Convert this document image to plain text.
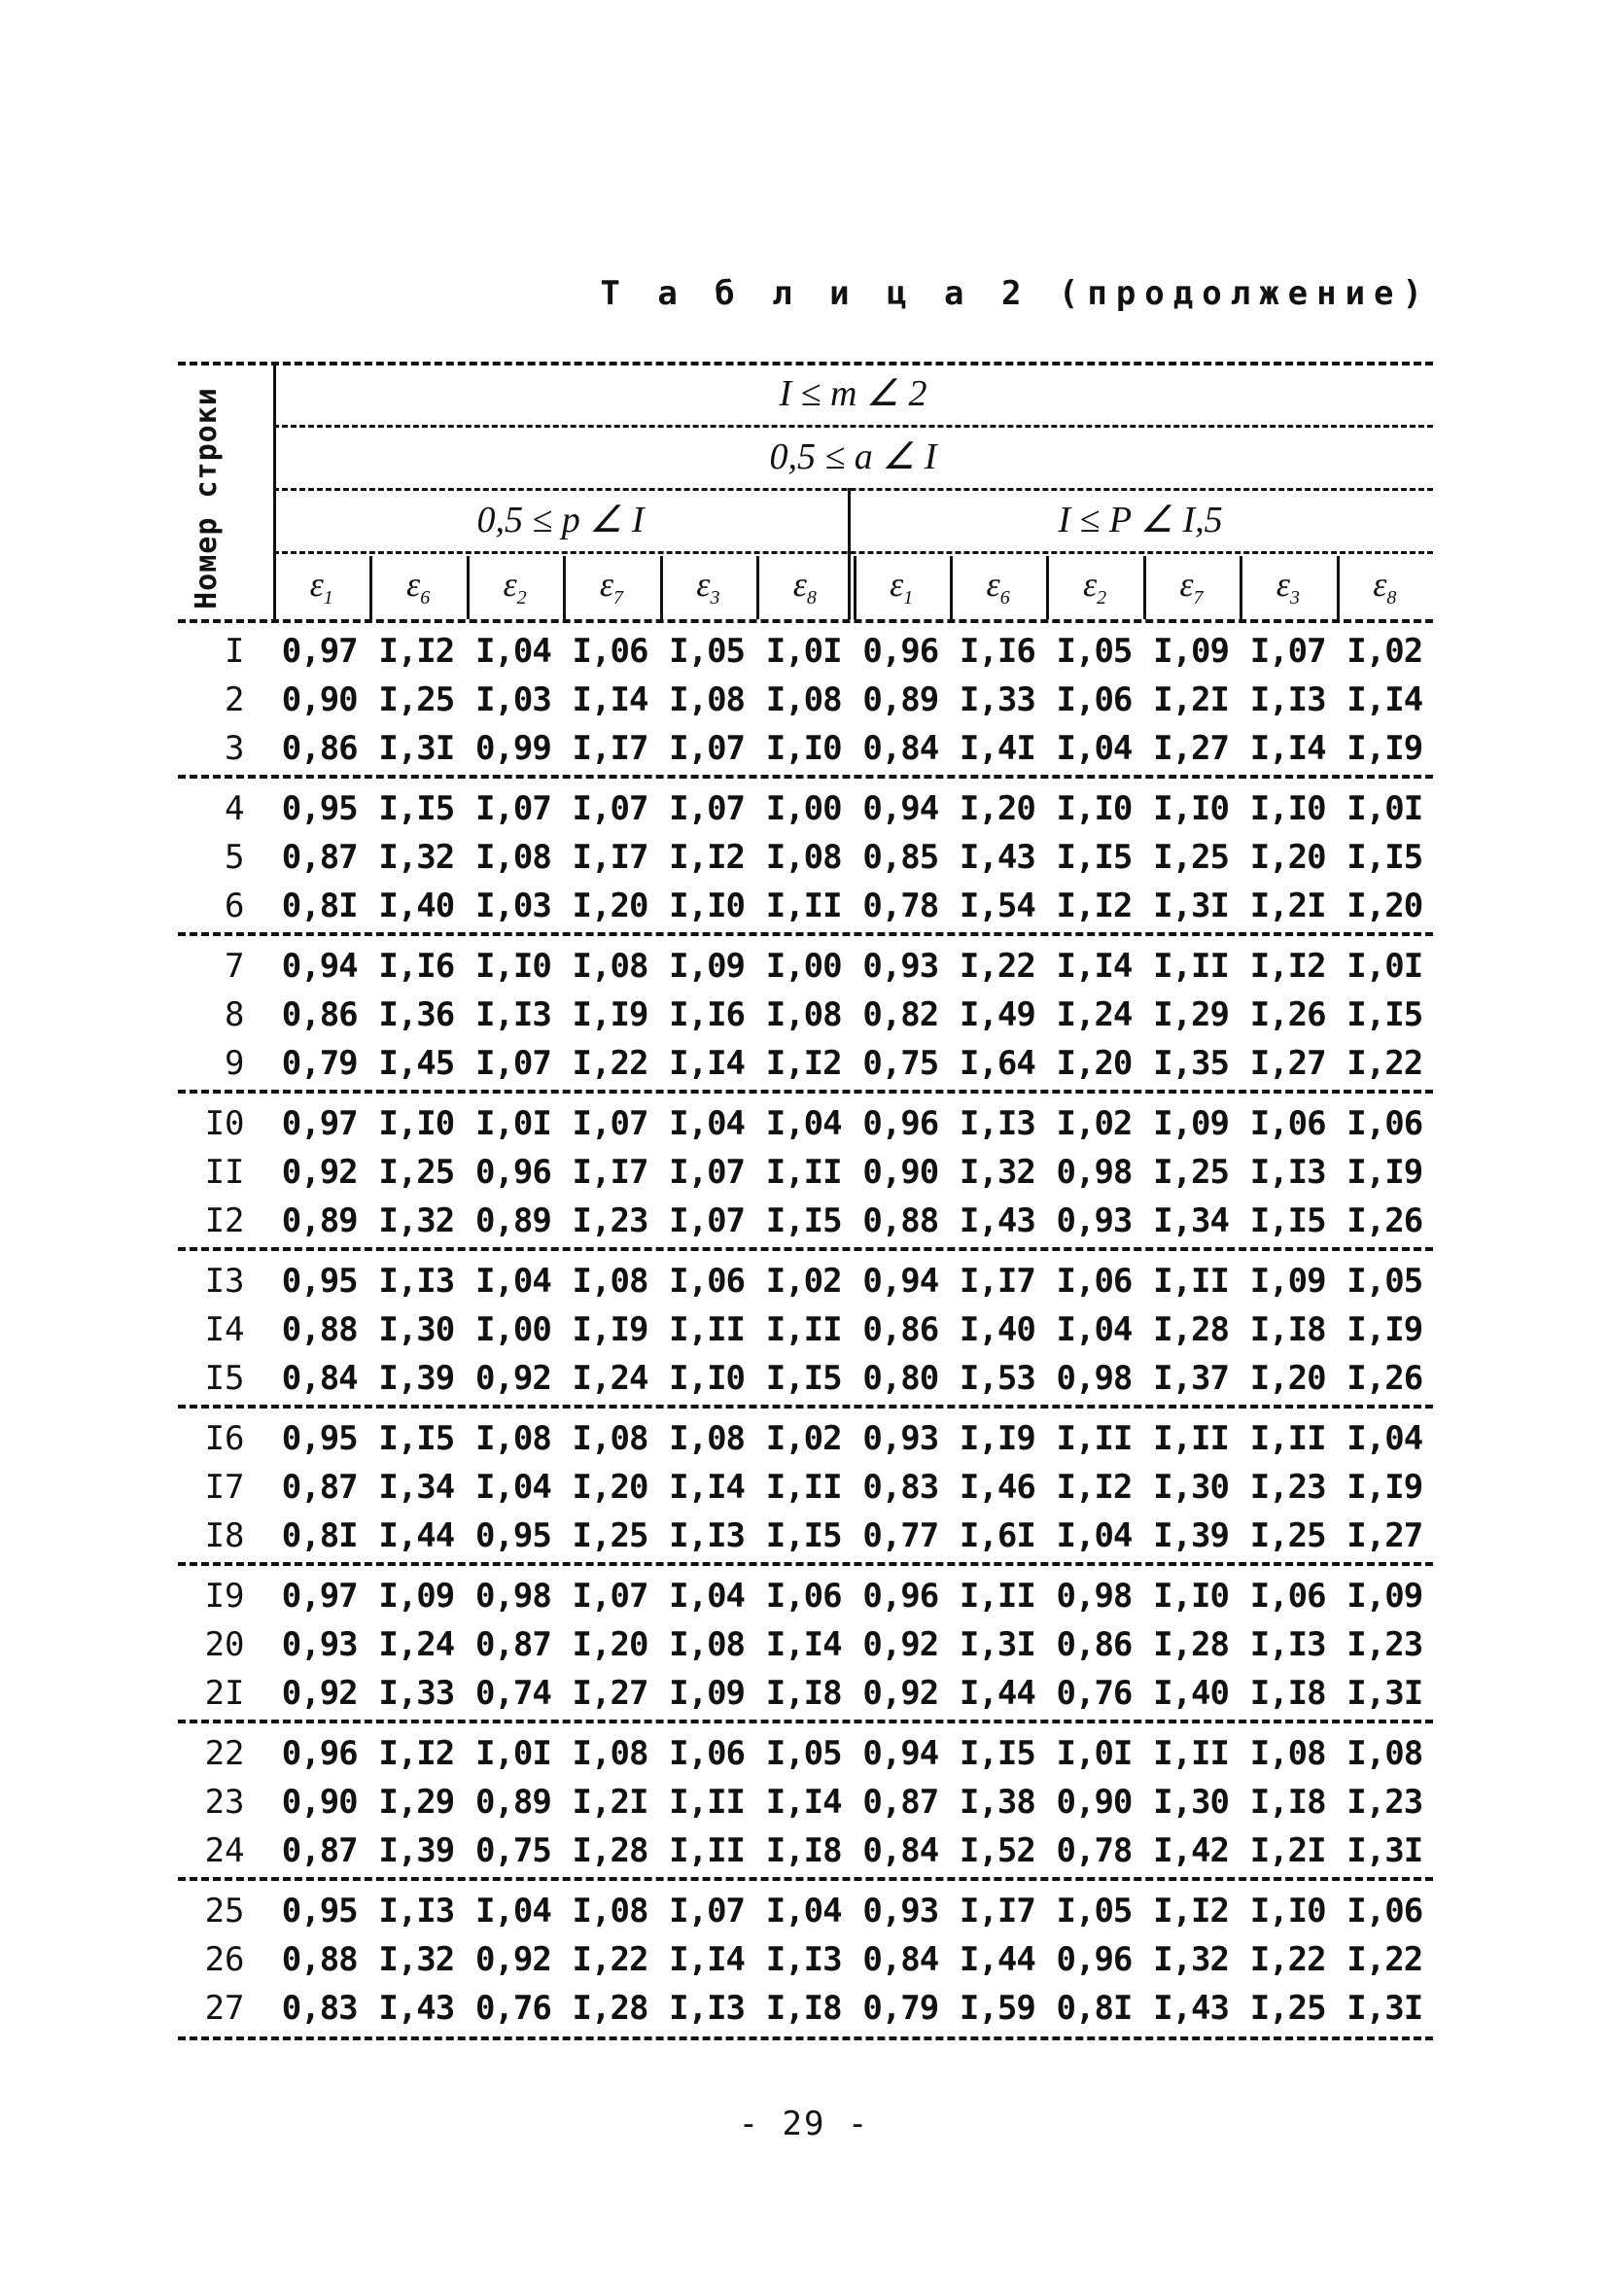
Т а б л и ц а 2 (продолжение)
Номер строки	I ≤ m ∠ 2
0,5 ≤ a ∠ I
0,5 ≤ p ∠ I	I ≤ P ∠ I,5
$\varepsilon_1$	$\varepsilon_6$	$\varepsilon_2$	$\varepsilon_7$	$\varepsilon_3$	$\varepsilon_8$	$\varepsilon_1$	$\varepsilon_6$	$\varepsilon_2$	$\varepsilon_7$	$\varepsilon_3$	$\varepsilon_8$
I	0,97 I,I2 I,04 I,06 I,05 I,0I 0,96 I,I6 I,05 I,09 I,07 I,02
2	0,90 I,25 I,03 I,I4 I,08 I,08 0,89 I,33 I,06 I,2I I,I3 I,I4
3	0,86 I,3I 0,99 I,I7 I,07 I,I0 0,84 I,4I I,04 I,27 I,I4 I,I9
4	0,95 I,I5 I,07 I,07 I,07 I,00 0,94 I,20 I,I0 I,I0 I,I0 I,0I
5	0,87 I,32 I,08 I,I7 I,I2 I,08 0,85 I,43 I,I5 I,25 I,20 I,I5
6	0,8I I,40 I,03 I,20 I,I0 I,II 0,78 I,54 I,I2 I,3I I,2I I,20
7	0,94 I,I6 I,I0 I,08 I,09 I,00 0,93 I,22 I,I4 I,II I,I2 I,0I
8	0,86 I,36 I,I3 I,I9 I,I6 I,08 0,82 I,49 I,24 I,29 I,26 I,I5
9	0,79 I,45 I,07 I,22 I,I4 I,I2 0,75 I,64 I,20 I,35 I,27 I,22
I0	0,97 I,I0 I,0I I,07 I,04 I,04 0,96 I,I3 I,02 I,09 I,06 I,06
II	0,92 I,25 0,96 I,I7 I,07 I,II 0,90 I,32 0,98 I,25 I,I3 I,I9
I2	0,89 I,32 0,89 I,23 I,07 I,I5 0,88 I,43 0,93 I,34 I,I5 I,26
I3	0,95 I,I3 I,04 I,08 I,06 I,02 0,94 I,I7 I,06 I,II I,09 I,05
I4	0,88 I,30 I,00 I,I9 I,II I,II 0,86 I,40 I,04 I,28 I,I8 I,I9
I5	0,84 I,39 0,92 I,24 I,I0 I,I5 0,80 I,53 0,98 I,37 I,20 I,26
I6	0,95 I,I5 I,08 I,08 I,08 I,02 0,93 I,I9 I,II I,II I,II I,04
I7	0,87 I,34 I,04 I,20 I,I4 I,II 0,83 I,46 I,I2 I,30 I,23 I,I9
I8	0,8I I,44 0,95 I,25 I,I3 I,I5 0,77 I,6I I,04 I,39 I,25 I,27
I9	0,97 I,09 0,98 I,07 I,04 I,06 0,96 I,II 0,98 I,I0 I,06 I,09
20	0,93 I,24 0,87 I,20 I,08 I,I4 0,92 I,3I 0,86 I,28 I,I3 I,23
2I	0,92 I,33 0,74 I,27 I,09 I,I8 0,92 I,44 0,76 I,40 I,I8 I,3I
22	0,96 I,I2 I,0I I,08 I,06 I,05 0,94 I,I5 I,0I I,II I,08 I,08
23	0,90 I,29 0,89 I,2I I,II I,I4 0,87 I,38 0,90 I,30 I,I8 I,23
24	0,87 I,39 0,75 I,28 I,II I,I8 0,84 I,52 0,78 I,42 I,2I I,3I
25	0,95 I,I3 I,04 I,08 I,07 I,04 0,93 I,I7 I,05 I,I2 I,I0 I,06
26	0,88 I,32 0,92 I,22 I,I4 I,I3 0,84 I,44 0,96 I,32 I,22 I,22
27	0,83 I,43 0,76 I,28 I,I3 I,I8 0,79 I,59 0,8I I,43 I,25 I,3I
- 29 -
